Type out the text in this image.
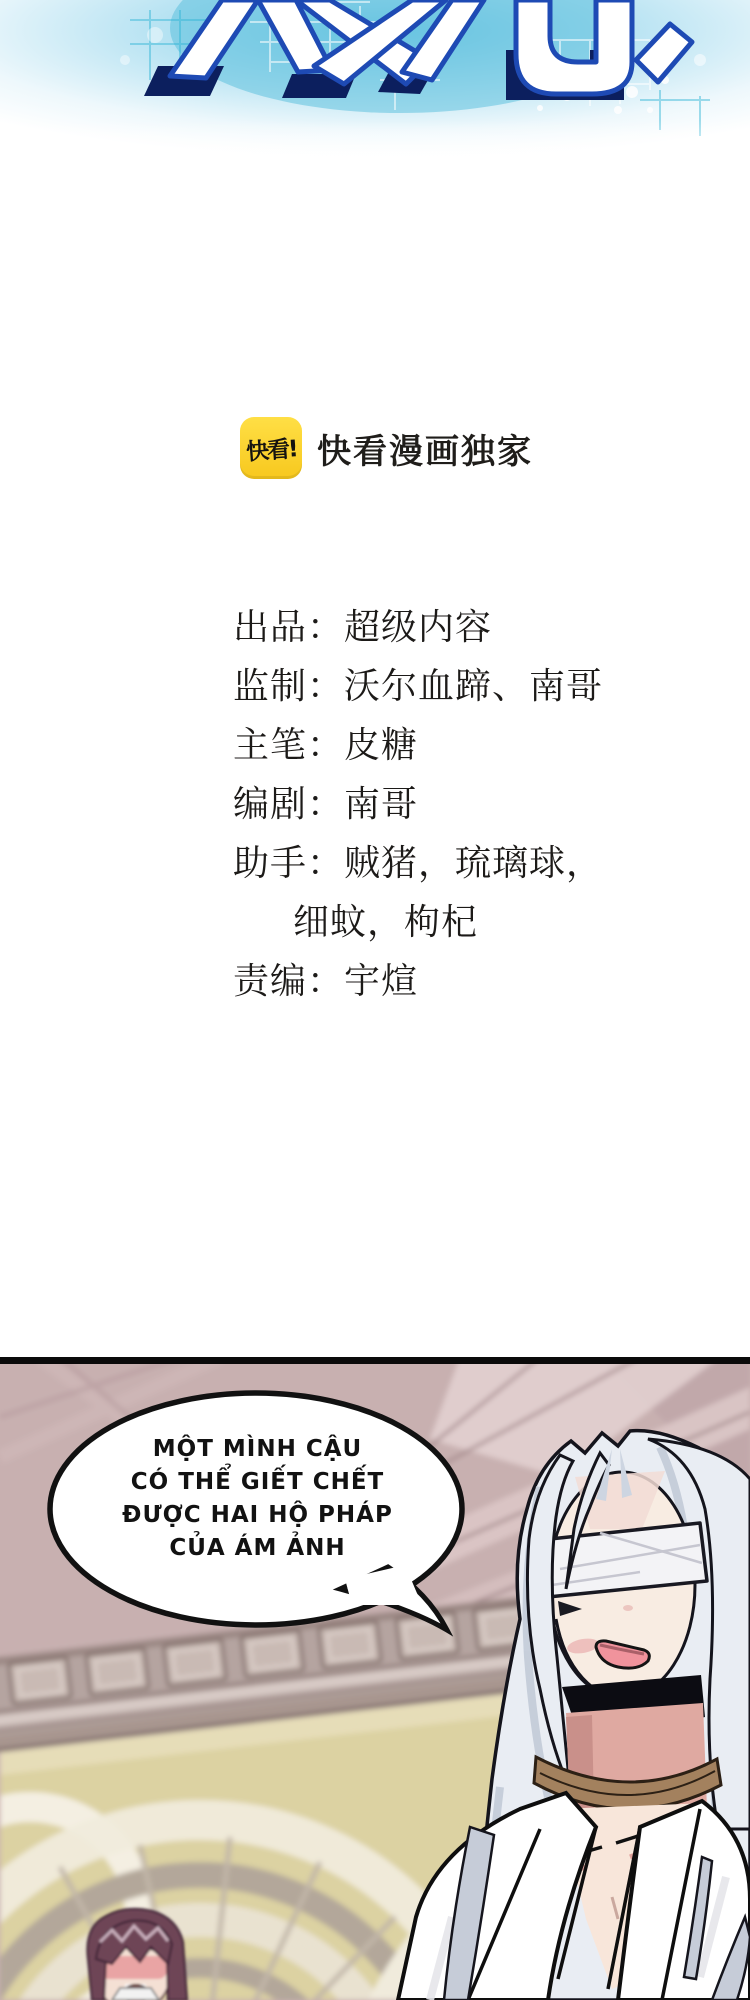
快看! 快看漫画独家
出品：超级内容
监制：沃尔血蹄、南哥
主笔：皮糖
编剧：南哥
助手：贼猪，琉璃球，
细蚊，枸杞
责编：宇煊
MỘT MÌNH CẬU
CÓ THỂ GIẾT CHẾT
ĐƯỢC HAI HỘ PHÁP
CỦA ÁM ẢNH
